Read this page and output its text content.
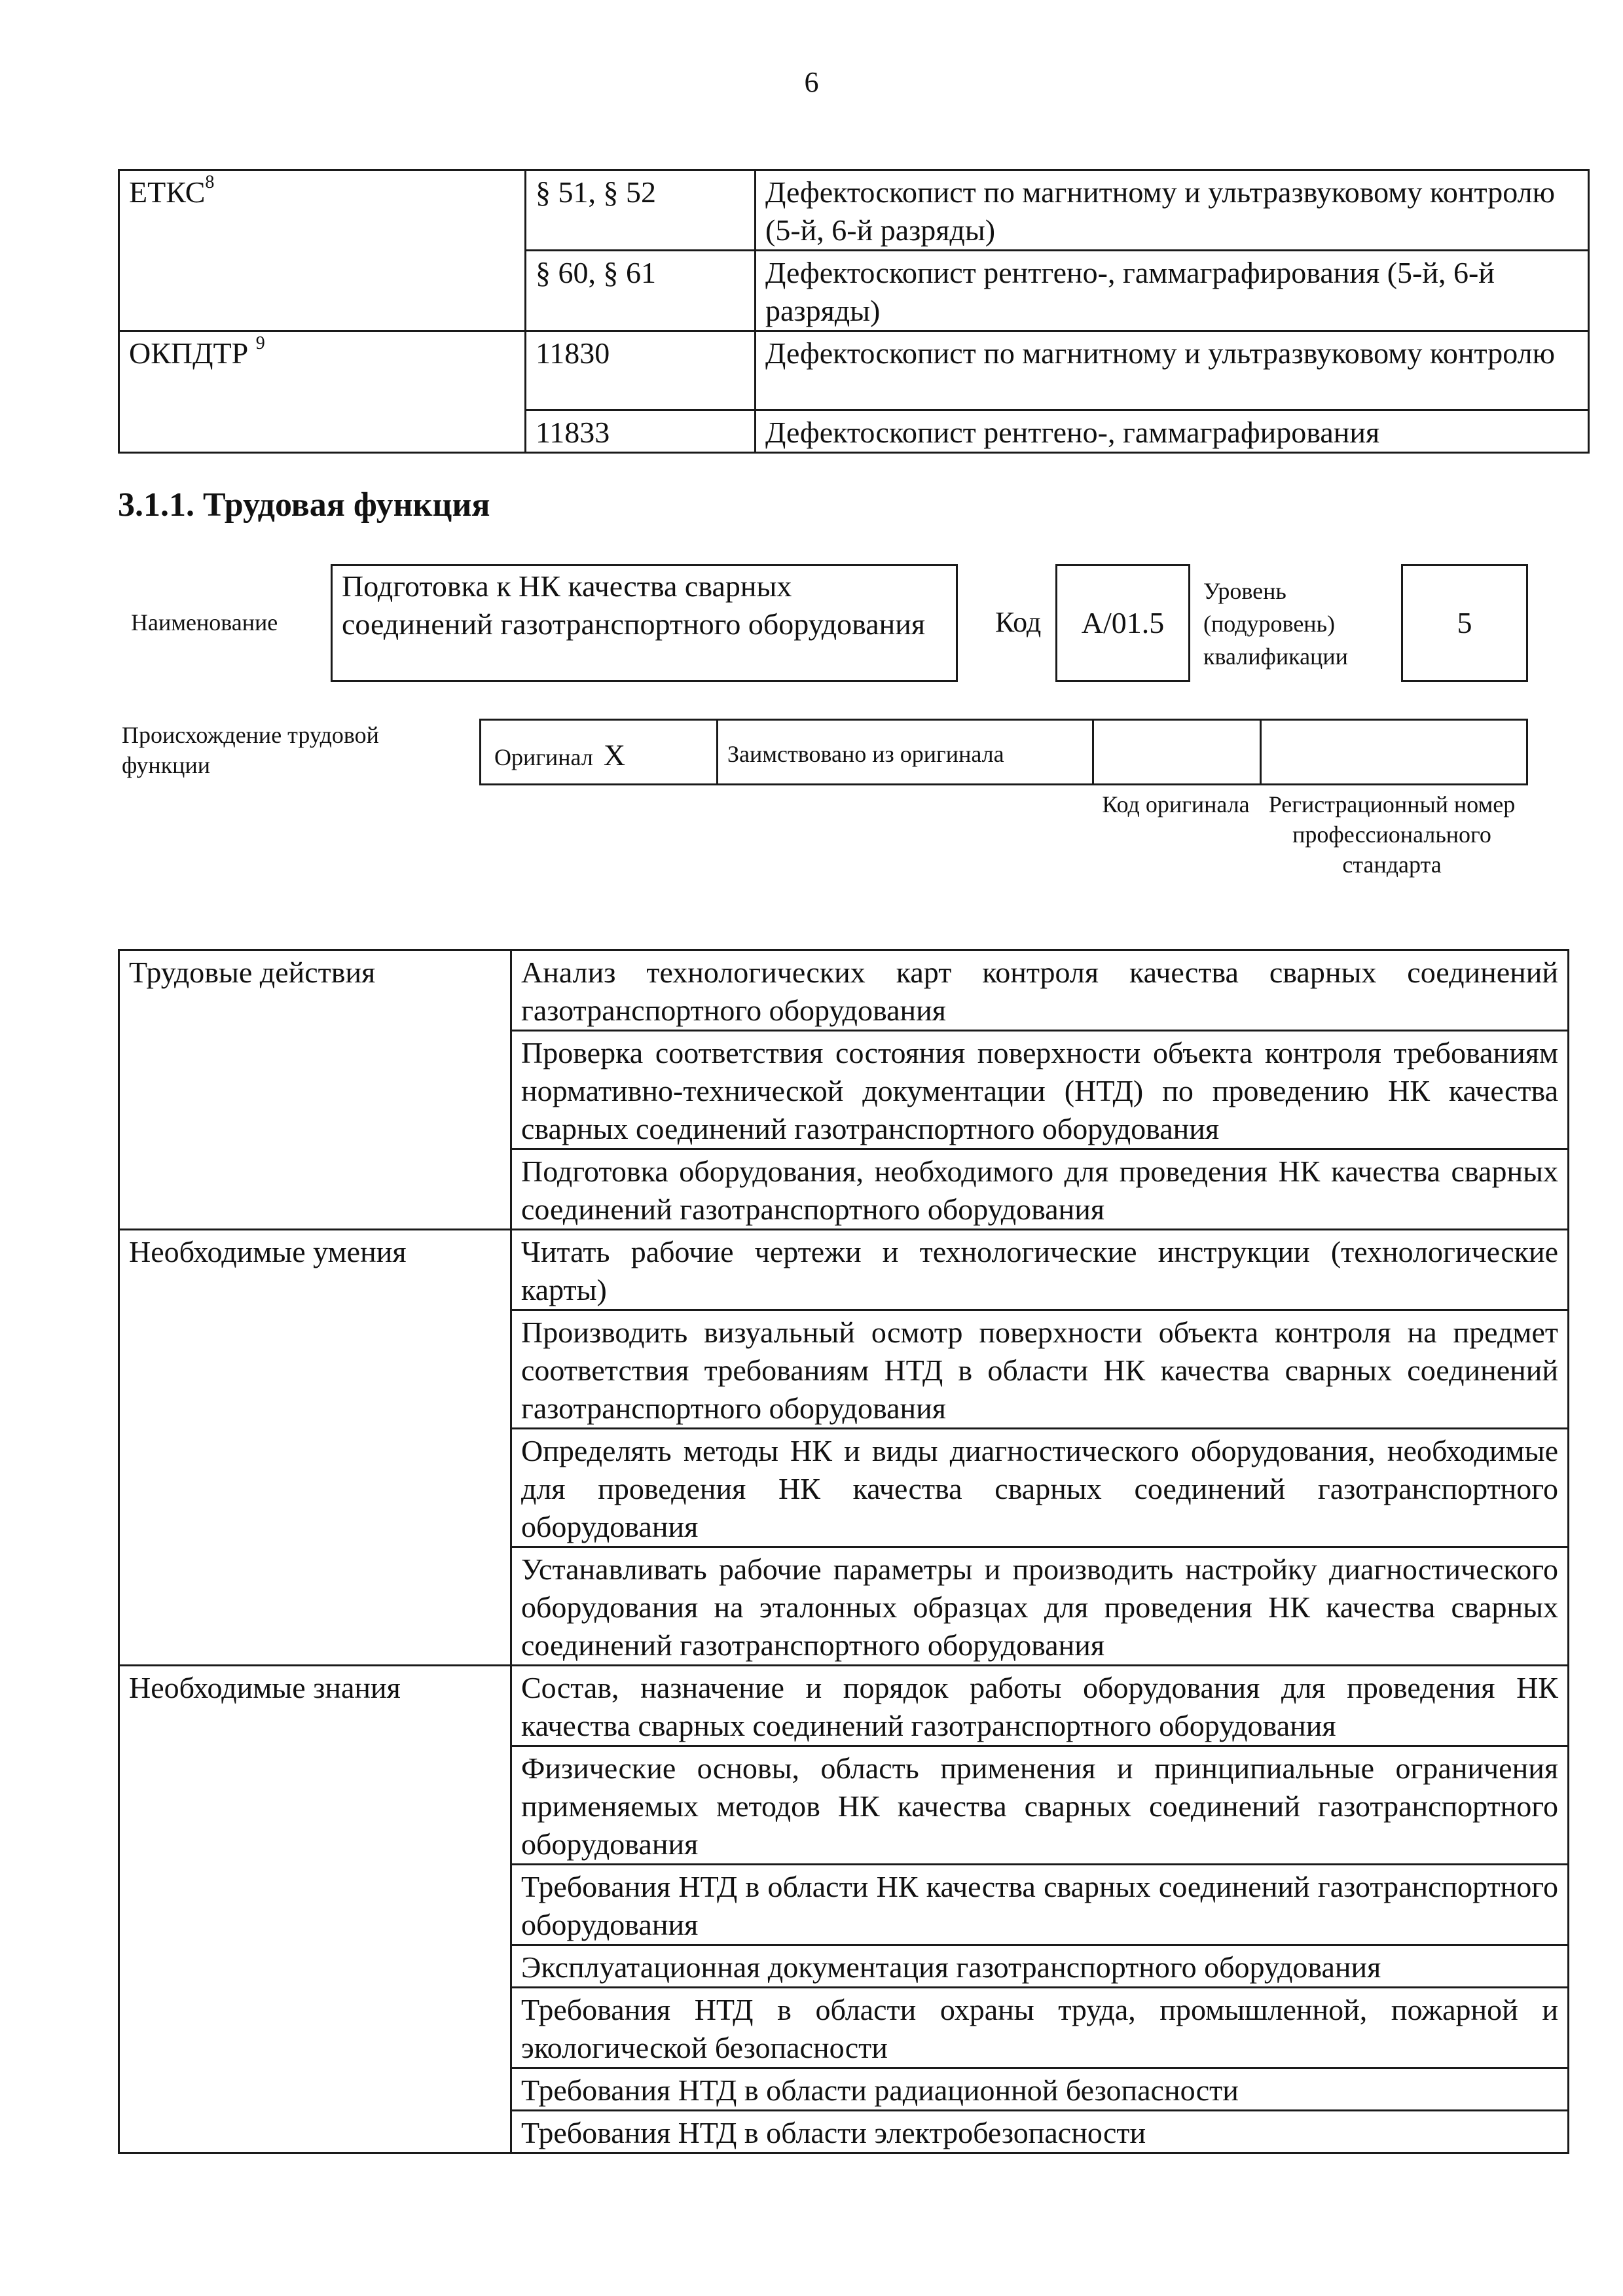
6
ЕТКС$^8$	§ 51, § 52	Дефектоскопист по магнитному и ультразвуковому контролю (5-й, 6-й разряды)
	§ 60, § 61	Дефектоскопист рентгено-, гаммаграфирования (5-й, 6-й разряды)
ОКПДТР $^9$	11830	Дефектоскопист по магнитному и ультразвуковому контролю
	11833	Дефектоскопист рентгено-, гаммаграфирования
3.1.1. Трудовая функция
Наименование
Подготовка к НК качества сварных соединений газотранспортного оборудования	Код	А/01.5
Уровень (подуровень) квалификации
5
Происхождение трудовой функции	Оригинал Х	Заимствовано из оригинала
Код оригинала Регистрационный номер профессионального стандарта
Трудовые действия	Анализ технологических карт контроля качества сварных соединений газотранспортного оборудования
	Проверка соответствия состояния поверхности объекта контроля требованиям нормативно-технической документации (НТД) по проведению НК качества сварных соединений газотранспортного оборудования
	Подготовка оборудования, необходимого для проведения НК качества сварных соединений газотранспортного оборудования
Необходимые умения	Читать рабочие чертежи и технологические инструкции (технологические карты)
	Производить визуальный осмотр поверхности объекта контроля на предмет соответствия требованиям НТД в области НК качества сварных соединений газотранспортного оборудования
	Определять методы НК и виды диагностического оборудования, необходимые для проведения НК качества сварных соединений газотранспортного оборудования
	Устанавливать рабочие параметры и производить настройку диагностического оборудования на эталонных образцах для проведения НК качества сварных соединений газотранспортного оборудования
Необходимые знания	Состав, назначение и порядок работы оборудования для проведения НК качества сварных соединений газотранспортного оборудования
	Физические основы, область применения и принципиальные ограничения применяемых методов НК качества сварных соединений газотранспортного оборудования
	Требования НТД в области НК качества сварных соединений газотранспортного оборудования
	Эксплуатационная документация газотранспортного оборудования
	Требования НТД в области охраны труда, промышленной, пожарной и экологической безопасности
	Требования НТД в области радиационной безопасности
	Требования НТД в области электробезопасности
